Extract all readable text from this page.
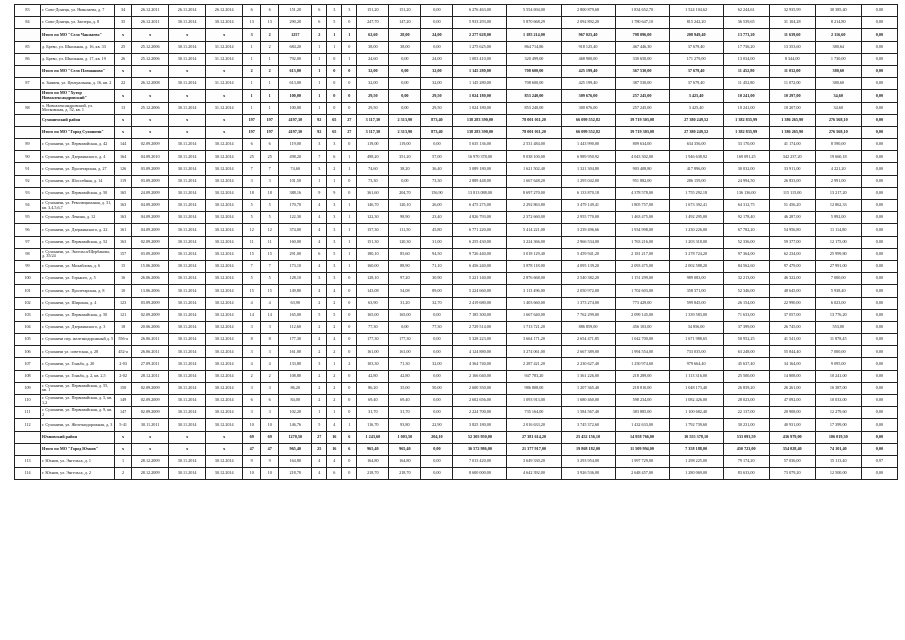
83	г. Сово-Донецк, ул. Николаева, д. 7	34	26.12.2011	26.11.2014	26.12.2014	6	6	151,20	6	3	3	151,20	151,20	0,00	6 276 463,00	5 554 694,00	2 800 879,68	1 834 652,70	1 524 104,62	62 244,61	32 935,99	30 385,40	0,00
84	г. Сово-Донецк, ул. Заозера, д. 8	35	26.12.2011	30.11.2014	30.12.2014	13	13	290,20	6	5	0	247,70	147,20	0,00	5 933 293,00	5 870 668,29	2 092 892,20	1 780 647,10	815 242,20	36 539,65	31 104,28	8 214,80	0,00
	Итого по МО "Село Чакмаево"	x	x	x	x	3	2	1257	2	1	1	62,60	28,00	24,00	2 277 628,00	1 185 214,00	967 025,40	798 096,00	208 949,40	13 773,20	11 639,60	2 116,60	0,00
85	д. Брево, ул. Школьная, д. 16, кв. 33	25	25.12.2006	30.11.2014	31.12.2014	1	2	684,20	1	1	0	38,00	38,00	0,00	1 275 625,00	864 714,86	918 125,40	467 446,30	37 679,40	17 736,20	13 353,60	380,64	0,00
86	д. Брево, ул. Школьная, д. 17, кв. 19	26	25.12.2006	30.11.2014	31.12.2014	1	1	792,00	1	0	1	24,60	0,00	24,00	1 003 410,00	320 499,00	468 900,00	330 650,00	171 279,00	13 034,00	8 344,00	1 730,00	0,00
	Итого по МО "Село Плешаново"	x	x	x	x	2	2	613,00	1	0	0	32,00	0,00	32,00	1 145 280,00	708 600,00	425 199,40	367 530,00	37 679,40	11 452,80	11 032,00	380,60	0,00
87	п. Знамен, ул. Центральная, д. 16, кв. 2	22	26.12.2008	30.11.2014	31.12.2014	1	1	613,00	1	0	0	32,00	0,00	32,00	1 145 280,00	708 600,00	425 199,40	387 530,00	37 679,40	11 452,80	11 072,00	380,60	0,00
	Итого по МО "Хутор Новоалександровский"	x	x	x	x	1	1	100,00	1	0	0	29,50	0,00	29,50	1 024 180,00	853 240,00	309 676,00	257 245,00	3 425,40	10 241,00	10 297,00	34,60	0,00
88	х. Новоалександровский, ул. Московская, д. 52, кв. 1	13	25.12.2006	30.11.2014	31.12.2014	1	1	100,00	1	0	0	29,50	0,00	29,50	1 024 180,00	853 240,00	300 676,00	257 245,00	3 425,40	10 241,00	10 207,00	34,60	0,00
	Сухиничский район	x	x	x	x	197	197	4197,30	92	65	27	3 117,30	2 313,90	873,40	138 283 390,00	78 001 011,20	66 099 552,82	39 719 303,08	27 380 249,52	1 382 835,99	1 386 265,90	276 568,10	0,00
	Итого по МО "Город Сухиничи"	x	x	x	x	197	197	4197,30	92	65	27	3 117,30	2 313,90	873,40	138 283 390,00	78 001 011,20	66 099 552,82	39 719 303,08	27 380 249,52	1 382 835,99	1 386 265,90	276 568,10	0,00
89	г. Сухиничи, ул. Первомайская, д. 42	144	02.09.2009	30.11.2014	30.12.2014	6	6	119,00	3	3	0	119,00	119,00	0,00	5 635 136,00	2 531 484,00	1 443 990,00	809 634,00	634 356,00	33 170,00	41 174,00	8 590,00	0,00
90	г. Сухиничи, ул. Дзержинского, д. 4	164	04.09.2010	30.11.2014	30.12.2014	25	25	498,20	7	6	1	498,20	351,20	57,00	16 970 378,00	9 038 100,00	6 989 950,92	4 043 302,00	1 946 638,92	169 091,25	342 237,20	19 660,18	0,00
91	г. Сухиничи, ул. Пролетарская, д. 27	126	03.09.2009	30.11.2014	30.12.2014	7	7	74,60	3	2	1	74,60	38,20	36,40	3 089 180,00	1 621 502,40	1 321 304,80	903 408,80	417 896,00	30 032,00	33 911,00	4 221,20	0,00
92	г. Сухиничи, ул. Шоссейная, д. 14	119	03.09.2009	30.11.2014	30.12.2014	3	3	101,50	1	1	0	73,30	0,00	73,30	2 889 448,00	1 667 648,20	1 295 042,00	951 882,00	286 159,00	24 994,50	26 833,00	2 991,00	0,00
93	г. Сухиничи, ул. Первомайская, д. 50	165	24.09.2009	30.11.2014	30.12.2014	18	18	388,16	9	9	0	361,60	204,70	156,90	13 813 088,00	8 697 270,00	6 133 870,18	4 378 578,00	1 755 292,18	136 136,00	115 115,00	13 217,20	0,00
94	г. Сухиничи, ул. Революционная, д. 31, кв. 3,4,5,6,7	163	04.09.2009	30.11.2014	30.12.2014	5	5	170,70	4	3	1	146,70	120,10	26,00	6 475 275,00	2 292 863,80	3 479 149,41	1 805 757,00	1 673 392,41	64 312,75	51 456,20	12 862,33	0,00
95	г. Сухиничи, ул. Ленина, д. 12	163	04.09.2009	30.11.2014	30.12.2014	5	5	122,30	4	3	1	122,30	98,90	23,40	4 826 793,00	2 372 660,00	2 955 770,00	1 463 475,00	1 492 295,00	92 178,40	46 287,00	5 892,00	0,00
96	г. Сухиничи, ул. Дзержинского, д. 22	161	04.09.2009	30.11.2014	30.12.2014	12	12	374,00	4	3	1	157,30	111,50	45,80	6 771 220,00	5 414 221,00	3 239 496,66	1 934 998,00	1 230 226,00	67 782,20	54 956,80	11 114,80	0,00
97	г. Сухиничи, ул. Первомайская, д. 52	163	02.09.2009	30.11.2014	30.12.2014	11	11	160,00	4	3	1	151,30	120,30	31,00	6 255 430,00	3 224 366,00	2 966 534,00	1 763 216,00	1 203 318,00	52 336,00	59 377,00	12 175,00	0,00
98	г. Сухиничи, ул. Энгельса/Щербакова, д. 35/24	157	03.09.2009	30.11.2014	30.12.2014	15	15	291,00	6	5	1	180,10	85,60	94,50	9 726 440,00	3 018 129,40	5 459 941,20	2 181 217,00	3 278 724,20	97 364,00	62 234,00	25 999,80	0,00
99	г. Сухиничи, ул. Михайлова, д. 6	15	15.06.2006	30.11.2014	30.12.2014	7	7	173,10	4	3	1	160,00	88,90	71,10	6 456 240,00	3 878 118,00	4 095 139,20	2 093 475,00	2 002 588,20	84 562,60	97 479,00	27 991,00	0,00
100	г. Сухиничи, ул. Горького, д. 5	16	26.06.2006	30.11.2014	30.12.2014	5	5	128,10	3	3	0	128,10	97,20	30,90	5 221 140,00	2 876 668,00	2 540 382,20	1 151 299,00	989 083,00	32 213,00	46 322,00	7 000,00	0,00
101	г. Сухиничи, ул. Пролетарская, д. 8	10	13.06.2006	30.11.2014	30.12.2014	15	15	149,80	4	4	0	143,08	54,08	89,00	5 224 660,00	3 113 496,00	2 050 972,00	1 702 603,00	358 371,00	52 346,00	48 645,00	5 938,40	0,00
102	г. Сухиничи, ул. Широкая, д. 4	123	03.09.2009	30.11.2014	30.12.2014	4	4	63,90	2	2	0	63,90	31,20	32,70	2 419 680,00	1 403 660,00	1 373 274,00	773 429,00	599 845,00	26 154,00	22 990,00	6 023,00	0,00
103	г. Сухиничи, ул. Первомайская, д. 50	121	02.09.2009	30.11.2014	30.12.2014	14	14	165,00	5	5	0	165,00	165,00	0,00	7 185 300,00	1 667 640,00	7 762 299,00	2 099 145,00	1 339 583,00	71 633,00	37 057,00	13 776,20	0,00
104	г. Сухиничи, ул. Дзержинского, д. 3	18	20.06.2006	30.11.2014	30.12.2014	3	3	112,60	2	2	0	77,30	0,00	77,30	2 729 514,00	1 713 721,20	886 859,00	456 103,00	34 856,00	37 399,00	26 745,00	553,00	0,00
105	г. Сухиничи пер. железнодорожный д. 5	556-а	26.06.2011	30.11.2014	30.12.2014	8	8	177,30	4	4	0	177,30	177,30	0,00	5 328 223,00	3 664 171,20	2 654 471,85	1 042 700,00	1 671 988,65	50 952,25	41 541,00	11 878,45	0,00
106	г. Сухиничи ул. советская, д. 28	452-а	26.06.2011	30.11.2014	30.12.2014	3	3	161,00	2	2	0	161,00	161,00	0,00	4 124 880,00	3 274 061,00	2 667 389,00	1 994 554,00	733 035,00	63 248,00	55 844,40	7 000,00	0,00
107	г. Сухиничи, ул. Гоньба, д. 20	2-03	27.09.2011	30.11.2014	30.12.2014	4	4	133,80	3	1	2	103,30	71,30	32,00	4 364 740,00	2 287 421,20	2 230 627,40	1 250 974,60	979 664,40	45 637,40	34 164,00	9 095,00	0,00
108	г. Сухиничи, ул. Гоньба, д. 2, кв. 2,5	2-02	28.12.2011	30.11.2014	30.12.2014	2	2	108,80	2	2	0	42,80	42,80	0,00	2 166 040,00	947 783,20	1 361 226,00	218 289,00	1 113 316,00	25 500,00	14 808,00	10 241,00	0,00
109	г. Сухиничи, ул. Первомайская, д. 55, кв. 1	150	02.09.2009	30.11.2014	30.12.2014	3	3	86,20	2	2	0	86,20	35,00	50,00	2 600 350,00	986 808,00	1 207 365,40	218 810,00	1 048 173,40	26 839,20	26 261,00	16 387,00	0,00
110	г. Сухиничи, ул. Первомайская, д. 5, кв. 1,2	149	02.09.2009	30.11.2014	30.12.2014	6	6	84,00	2	2	0	69,40	69,40	0,00	2 602 656,00	1 093 913,00	1 680 460,00	598 234,00	1 082 426,00	28 023,00	47 092,00	10 033,00	0,00
111	г. Сухиничи, ул. Первомайская, д. 9, кв. 2	147	02.09.2009	30.11.2014	30.12.2014	3	3	102,20	1	1	0	31,70	31,70	0,00	2 224 700,00	735 164,00	1 584 567,40	383 885,00	1 100 682,40	22 137,00	20 908,00	12 279,60	0,00
112	г. Сухиничи, ул. Железнодорожная, д. 3	5-41	30.11.2011	30.11.2014	30.12.2014	10	10	146,76	5	4	1	116,70	93,80	22,90	3 825 180,00	2 016 633,20	3 745 372,60	1 432 633,00	1 792 739,60	30 231,00	40 931,00	17 399,00	0,00
	Юхновский район	x	x	x	x	69	69	1270,50	27	16	6	1 243,60	1 003,50	204,10	52 305 950,00	27 381 614,20	25 452 156,10	14 958 766,00	10 555 378,10	533 093,59	436 979,00	106 019,30	0,00
	Итого по МО "Город Юхнов"	x	x	x	x	47	47	965,40	25	16	6	965,40	965,40	0,00	36 572 986,00	21 377 917,00	19 868 182,00	11 509 994,00	7 358 188,00	450 723,00	354 028,40	74 101,40	0,00
113	г. Юхнов, ул. Энгельса, д. 1	1	28.12.2009	30.11.2014	30.12.2014	9	9	164,80	4	4	0	164,80	164,80	0,00	7 013 420,00	3 649 330,20	3 293 954,00	1 997 729,00	1 298 225,00	79 174,20	57 036,00	15 113,40	0,97
114	г. Юхнов, ул. Энгельса, д. 2	2	28.12.2009	30.11.2014	30.12.2014	10	10	218,70	4	6	0	218,70	218,70	0,00	8 600 000,00	4 642 392,00	3 926 536,00	2 648 457,00	1 280 069,00	83 633,00	73 079,20	12 500,00	0,00
